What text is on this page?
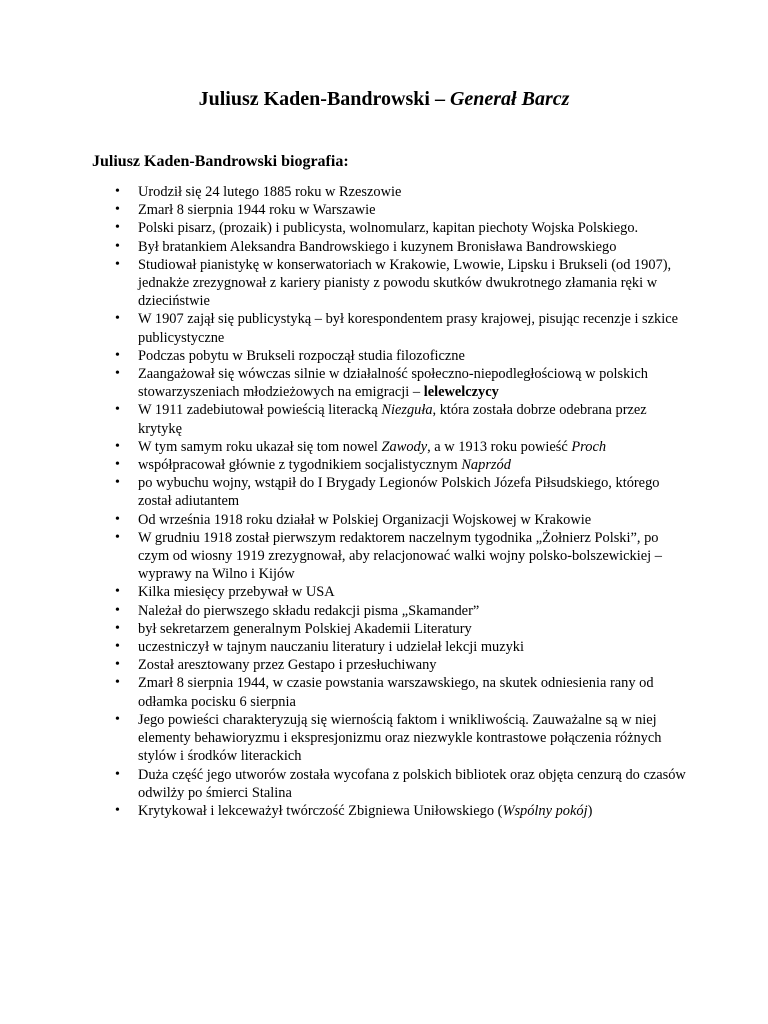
Juliusz Kaden-Bandrowski – Generał Barcz
Juliusz Kaden-Bandrowski biografia:
• Urodził się 24 lutego 1885 roku w Rzeszowie
• Zmarł 8 sierpnia 1944 roku w Warszawie
• Polski pisarz, (prozaik) i publicysta, wolnomularz, kapitan piechoty Wojska Polskiego.
• Był bratankiem Aleksandra Bandrowskiego i kuzynem Bronisława Bandrowskiego
• Studiował pianistykę w konserwatoriach w Krakowie, Lwowie, Lipsku i Brukseli (od 1907), jednakże zrezygnował z kariery pianisty z powodu skutków dwukrotnego złamania ręki w dzieciństwie
• W 1907 zajął się publicystyką – był korespondentem prasy krajowej, pisując recenzje i szkice publicystyczne
• Podczas pobytu w Brukseli rozpoczął studia filozoficzne
• Zaangażował się wówczas silnie w działalność społeczno-niepodległościową w polskich stowarzyszeniach młodzieżowych na emigracji – lelewelczycy
• W 1911 zadebiutował powieścią literacką Niezguła, która została dobrze odebrana przez krytykę
• W tym samym roku ukazał się tom nowel Zawody, a w 1913 roku powieść Proch
• współpracował głównie z tygodnikiem socjalistycznym Naprzód
• po wybuchu wojny, wstąpił do I Brygady Legionów Polskich Józefa Piłsudskiego, którego został adiutantem
• Od września 1918 roku działał w Polskiej Organizacji Wojskowej w Krakowie
• W grudniu 1918 został pierwszym redaktorem naczelnym tygodnika „Żołnierz Polski”, po czym od wiosny 1919 zrezygnował, aby relacjonować walki wojny polsko-bolszewickiej – wyprawy na Wilno i Kijów
• Kilka miesięcy przebywał w USA
• Należał do pierwszego składu redakcji pisma „Skamander”
• był sekretarzem generalnym Polskiej Akademii Literatury
• uczestniczył w tajnym nauczaniu literatury i udzielał lekcji muzyki
• Został aresztowany przez Gestapo i przesłuchiwany
• Zmarł 8 sierpnia 1944, w czasie powstania warszawskiego, na skutek odniesienia rany od odłamka pocisku 6 sierpnia
• Jego powieści charakteryzują się wiernością faktom i wnikliwością. Zauważalne są w niej elementy behawioryzmu i ekspresjonizmu oraz niezwykle kontrastowe połączenia różnych stylów i środków literackich
• Duża część jego utworów została wycofana z polskich bibliotek oraz objęta cenzurą do czasów odwilży po śmierci Stalina
• Krytykował i lekceważył twórczość Zbigniewa Uniłowskiego (Wspólny pokój)
